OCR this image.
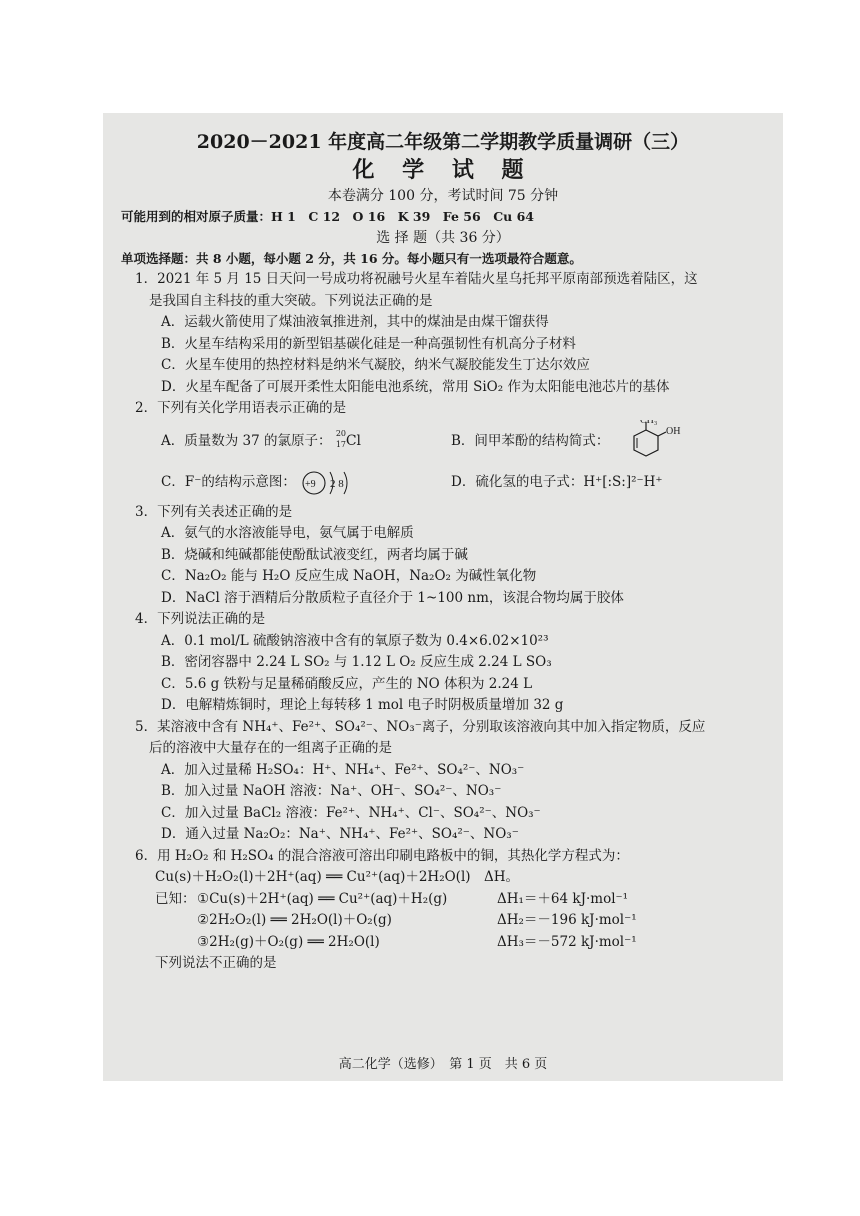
2020－2021 年度高二年级第二学期教学质量调研（三）
化 学 试 题
本卷满分 100 分，考试时间 75 分钟
可能用到的相对原子质量：H 1　C 12　O 16　K 39　Fe 56　Cu 64
选 择 题（共 36 分）
单项选择题：共 8 小题，每小题 2 分，共 16 分。每小题只有一选项最符合题意。
1．2021 年 5 月 15 日天问一号成功将祝融号火星车着陆火星乌托邦平原南部预选着陆区，这
是我国自主科技的重大突破。下列说法正确的是
A．运载火箭使用了煤油液氧推进剂，其中的煤油是由煤干馏获得
B．火星车结构采用的新型铝基碳化硅是一种高强韧性有机高分子材料
C．火星车使用的热控材料是纳米气凝胶，纳米气凝胶能发生丁达尔效应
D．火星车配备了可展开柔性太阳能电池系统，常用 SiO₂ 作为太阳能电池芯片的基体
2．下列有关化学用语表示正确的是
A．质量数为 37 的氯原子： 20
17 Cl	B．间甲苯酚的结构简式：
CH₃
OH
C．F⁻的结构示意图： +9 2 8	D．硫化氢的电子式：H⁺[:S:]²⁻H⁺
3．下列有关表述正确的是
A．氨气的水溶液能导电，氨气属于电解质
B．烧碱和纯碱都能使酚酞试液变红，两者均属于碱
C．Na₂O₂ 能与 H₂O 反应生成 NaOH，Na₂O₂ 为碱性氧化物
D．NaCl 溶于酒精后分散质粒子直径介于 1~100 nm，该混合物均属于胶体
4．下列说法正确的是
A．0.1 mol/L 硫酸钠溶液中含有的氧原子数为 0.4×6.02×10²³
B．密闭容器中 2.24 L SO₂ 与 1.12 L O₂ 反应生成 2.24 L SO₃
C．5.6 g 铁粉与足量稀硝酸反应，产生的 NO 体积为 2.24 L
D．电解精炼铜时，理论上每转移 1 mol 电子时阴极质量增加 32 g
5．某溶液中含有 NH₄⁺、Fe²⁺、SO₄²⁻、NO₃⁻离子，分别取该溶液向其中加入指定物质，反应
后的溶液中大量存在的一组离子正确的是
A．加入过量稀 H₂SO₄：H⁺、NH₄⁺、Fe²⁺、SO₄²⁻、NO₃⁻
B．加入过量 NaOH 溶液：Na⁺、OH⁻、SO₄²⁻、NO₃⁻
C．加入过量 BaCl₂ 溶液：Fe²⁺、NH₄⁺、Cl⁻、SO₄²⁻、NO₃⁻
D．通入过量 Na₂O₂：Na⁺、NH₄⁺、Fe²⁺、SO₄²⁻、NO₃⁻
6．用 H₂O₂ 和 H₂SO₄ 的混合溶液可溶出印刷电路板中的铜，其热化学方程式为：
Cu(s)＋H₂O₂(l)＋2H⁺(aq) ══ Cu²⁺(aq)＋2H₂O(l)　ΔH。
已知： ①Cu(s)＋2H⁺(aq) ══ Cu²⁺(aq)＋H₂(g)	ΔH₁＝＋64 kJ·mol⁻¹
②2H₂O₂(l) ══ 2H₂O(l)＋O₂(g)	ΔH₂＝－196 kJ·mol⁻¹
③2H₂(g)＋O₂(g) ══ 2H₂O(l)	ΔH₃＝－572 kJ·mol⁻¹
下列说法不正确的是
高二化学（选修）　第 1 页　共 6 页
